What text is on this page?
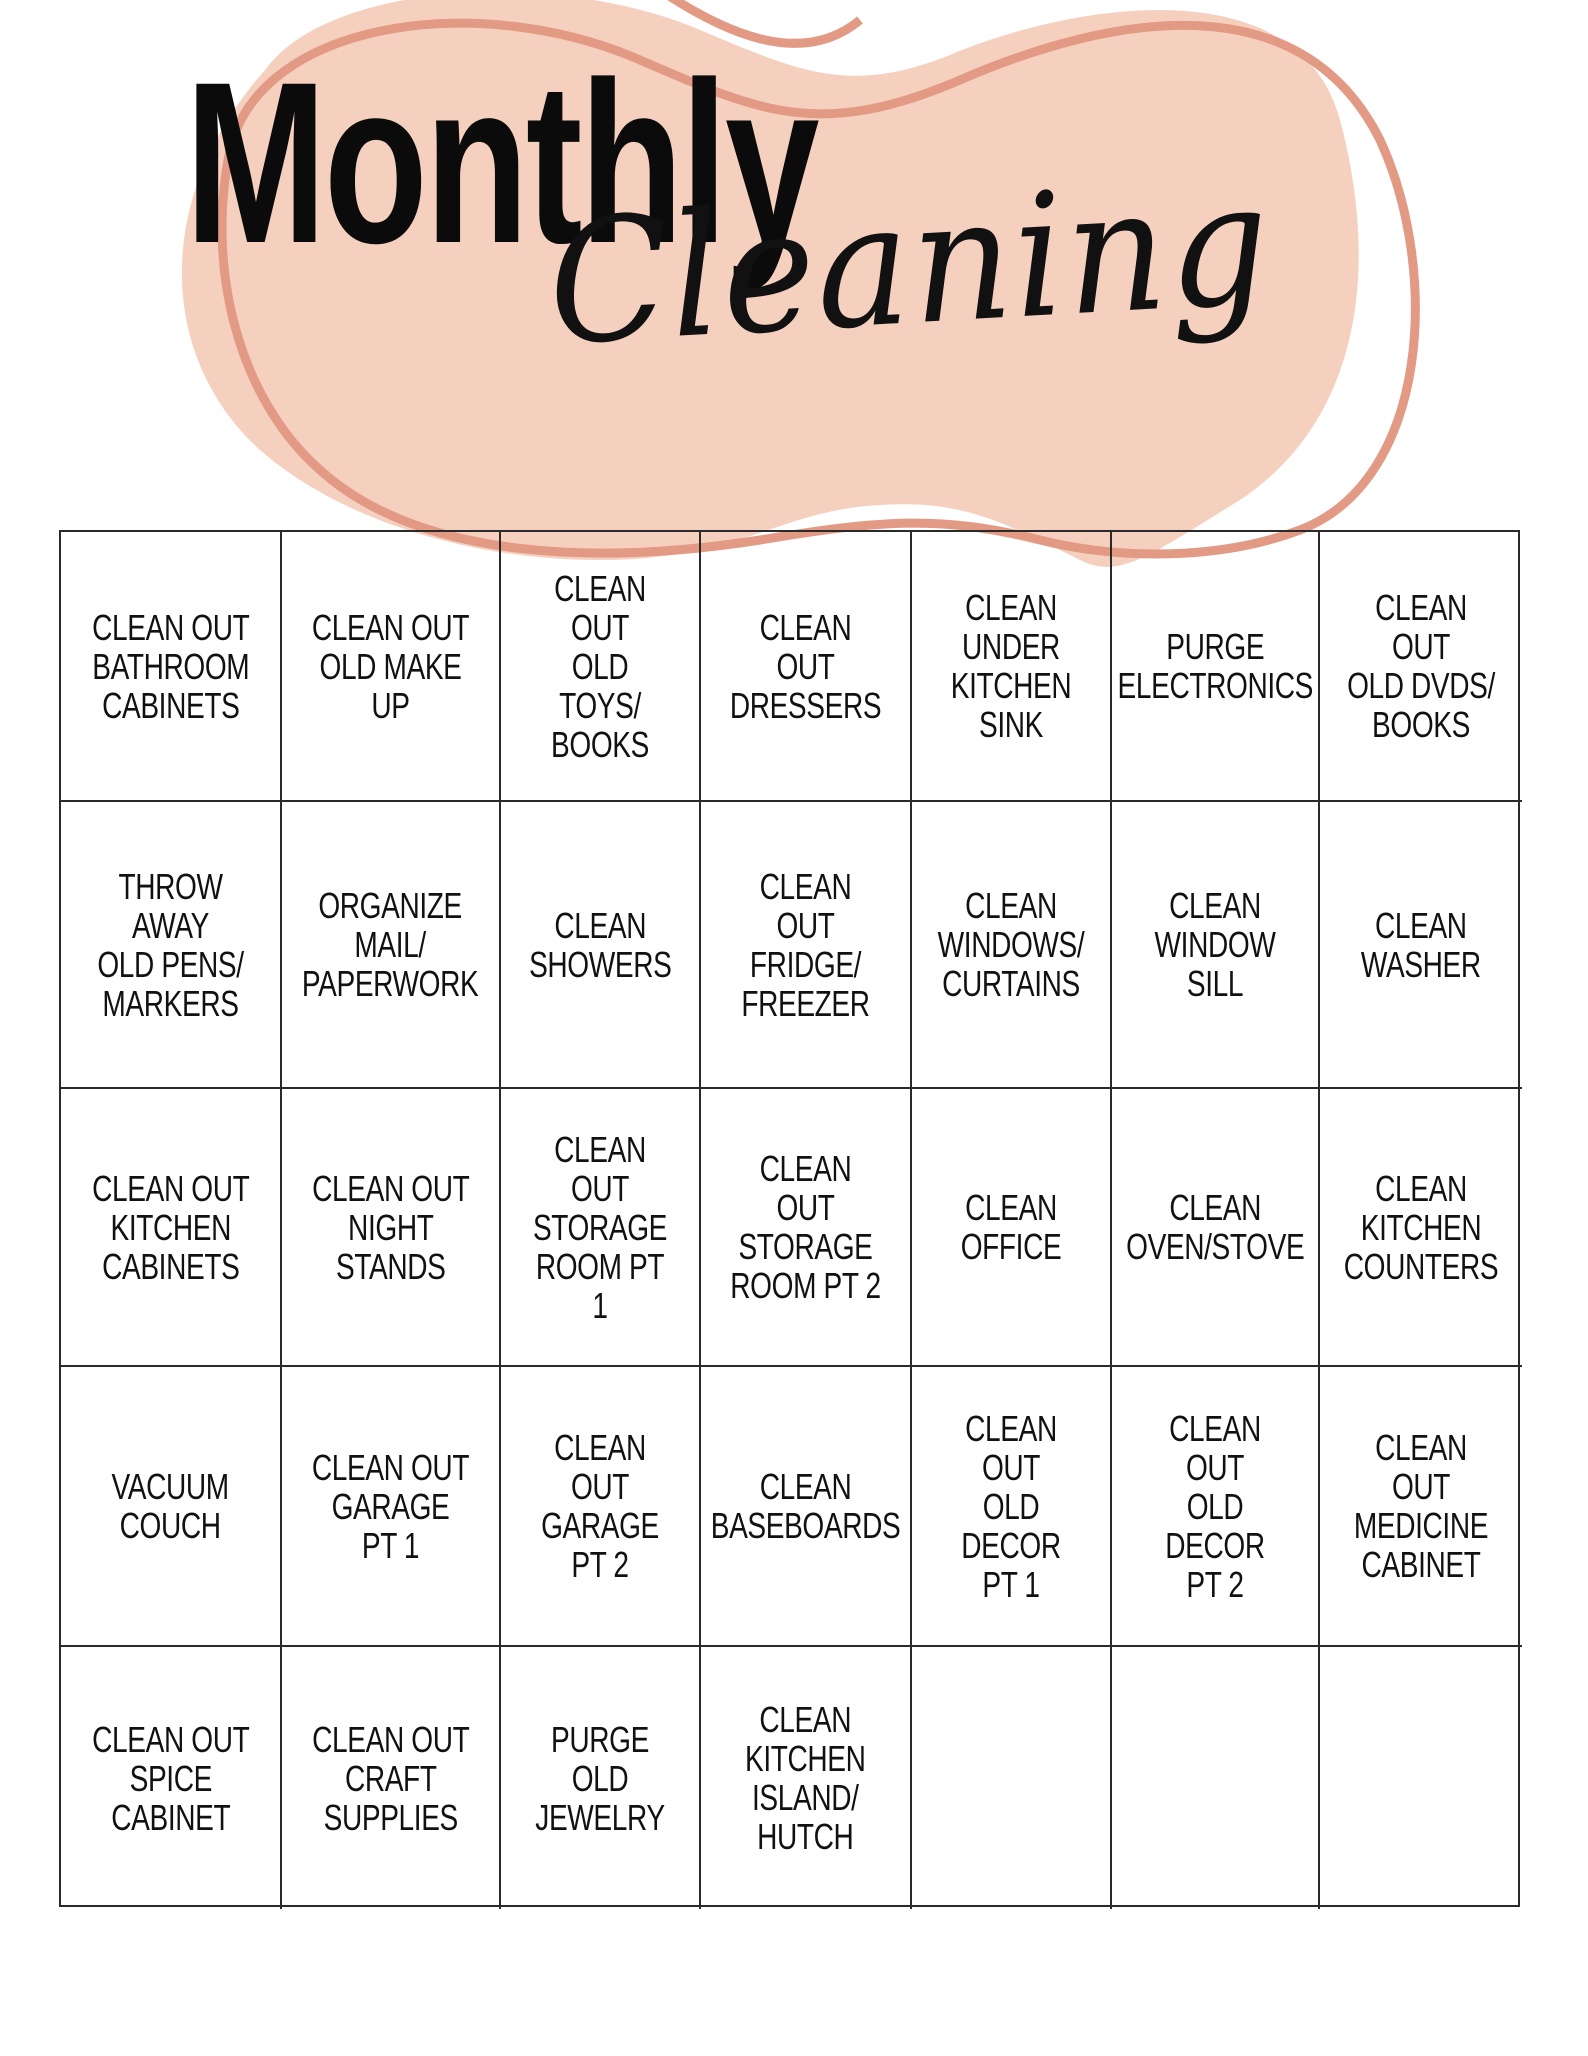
Monthly
Cleaning
CLEAN OUT
BATHROOM
CABINETS
CLEAN OUT
OLD MAKE UP
CLEAN OUT
OLD TOYS/
BOOKS
CLEAN OUT
DRESSERS
CLEAN UNDER
KITCHEN SINK
PURGE
ELECTRONICS
CLEAN OUT
OLD DVDS/
BOOKS
THROW AWAY
OLD PENS/
MARKERS
ORGANIZE
MAIL/
PAPERWORK
CLEAN
SHOWERS
CLEAN OUT
FRIDGE/
FREEZER
CLEAN
WINDOWS/
CURTAINS
CLEAN
WINDOW SILL
CLEAN
WASHER
CLEAN OUT
KITCHEN
CABINETS
CLEAN OUT
NIGHT
STANDS
CLEAN OUT
STORAGE
ROOM PT 1
CLEAN OUT
STORAGE
ROOM PT 2
CLEAN OFFICE
CLEAN
OVEN/STOVE
CLEAN
KITCHEN
COUNTERS
VACUUM
COUCH
CLEAN OUT
GARAGE PT 1
CLEAN OUT
GARAGE PT 2
CLEAN
BASEBOARDS
CLEAN OUT
OLD DECOR
PT 1
CLEAN OUT
OLD DECOR
PT 2
CLEAN OUT
MEDICINE
CABINET
CLEAN OUT
SPICE
CABINET
CLEAN OUT
CRAFT
SUPPLIES
PURGE OLD
JEWELRY
CLEAN
KITCHEN
ISLAND/
HUTCH
